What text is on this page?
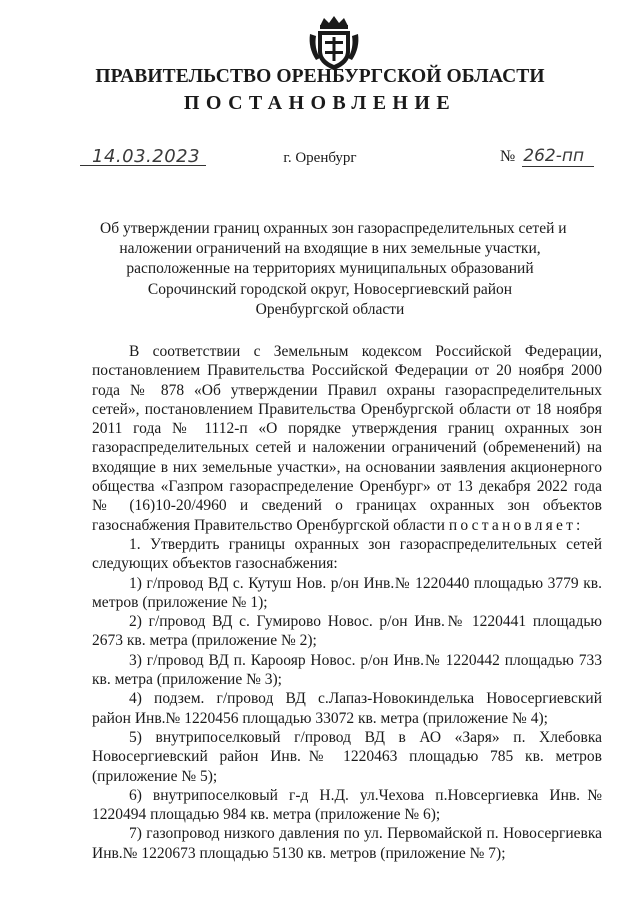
ПРАВИТЕЛЬСТВО ОРЕНБУРГСКОЙ ОБЛАСТИ
ПОСТАНОВЛЕНИЕ
14.03.2023	г. Оренбург	№ 262-пп
Об утверждении границ охранных зон газораспределительных сетей и
наложении ограничений на входящие в них земельные участки,
расположенные на территориях муниципальных образований
Сорочинский городской округ, Новосергиевский район
Оренбургской области

В соответствии с Земельным кодексом Российской Федерации, постановлением Правительства Российской Федерации от 20 ноября 2000 года № 878 «Об утверждении Правил охраны газораспределительных сетей», постановлением Правительства Оренбургской области от 18 ноября 2011 года № 1112-п «О порядке утверждения границ охранных зон газораспределительных сетей и наложении ограничений (обременений) на входящие в них земельные участки», на основании заявления акционерного общества «Газпром газораспределение Оренбург» от 13 декабря 2022 года № (16)10-20/4960 и сведений о границах охранных зон объектов газоснабжения Правительство Оренбургской области постановляет:

1. Утвердить границы охранных зон газораспределительных сетей следующих объектов газоснабжения:

1) г/провод ВД с. Кутуш Нов. р/он Инв.№ 1220440 площадью 3779 кв. метров (приложение № 1);

2) г/провод ВД с. Гумирово Новос. р/он Инв.№ 1220441 площадью 2673 кв. метра (приложение № 2);

3) г/провод ВД п. Кароояр Новос. р/он Инв.№ 1220442 площадью 733 кв. метра (приложение № 3);

4) подзем. г/провод ВД с.Лапаз-Новокинделька Новосергиевский район Инв.№ 1220456 площадью 33072 кв. метра (приложение № 4);

5) внутрипоселковый г/провод ВД в АО «Заря» п. Хлебовка Новосергиевский район Инв.№ 1220463 площадью 785 кв. метров (приложение № 5);

6) внутрипоселковый г-д Н.Д. ул.Чехова п.Новсергиевка Инв.№ 1220494 площадью 984 кв. метра (приложение № 6);

7) газопровод низкого давления по ул. Первомайской п. Новосергиевка Инв.№ 1220673 площадью 5130 кв. метров (приложение № 7);
